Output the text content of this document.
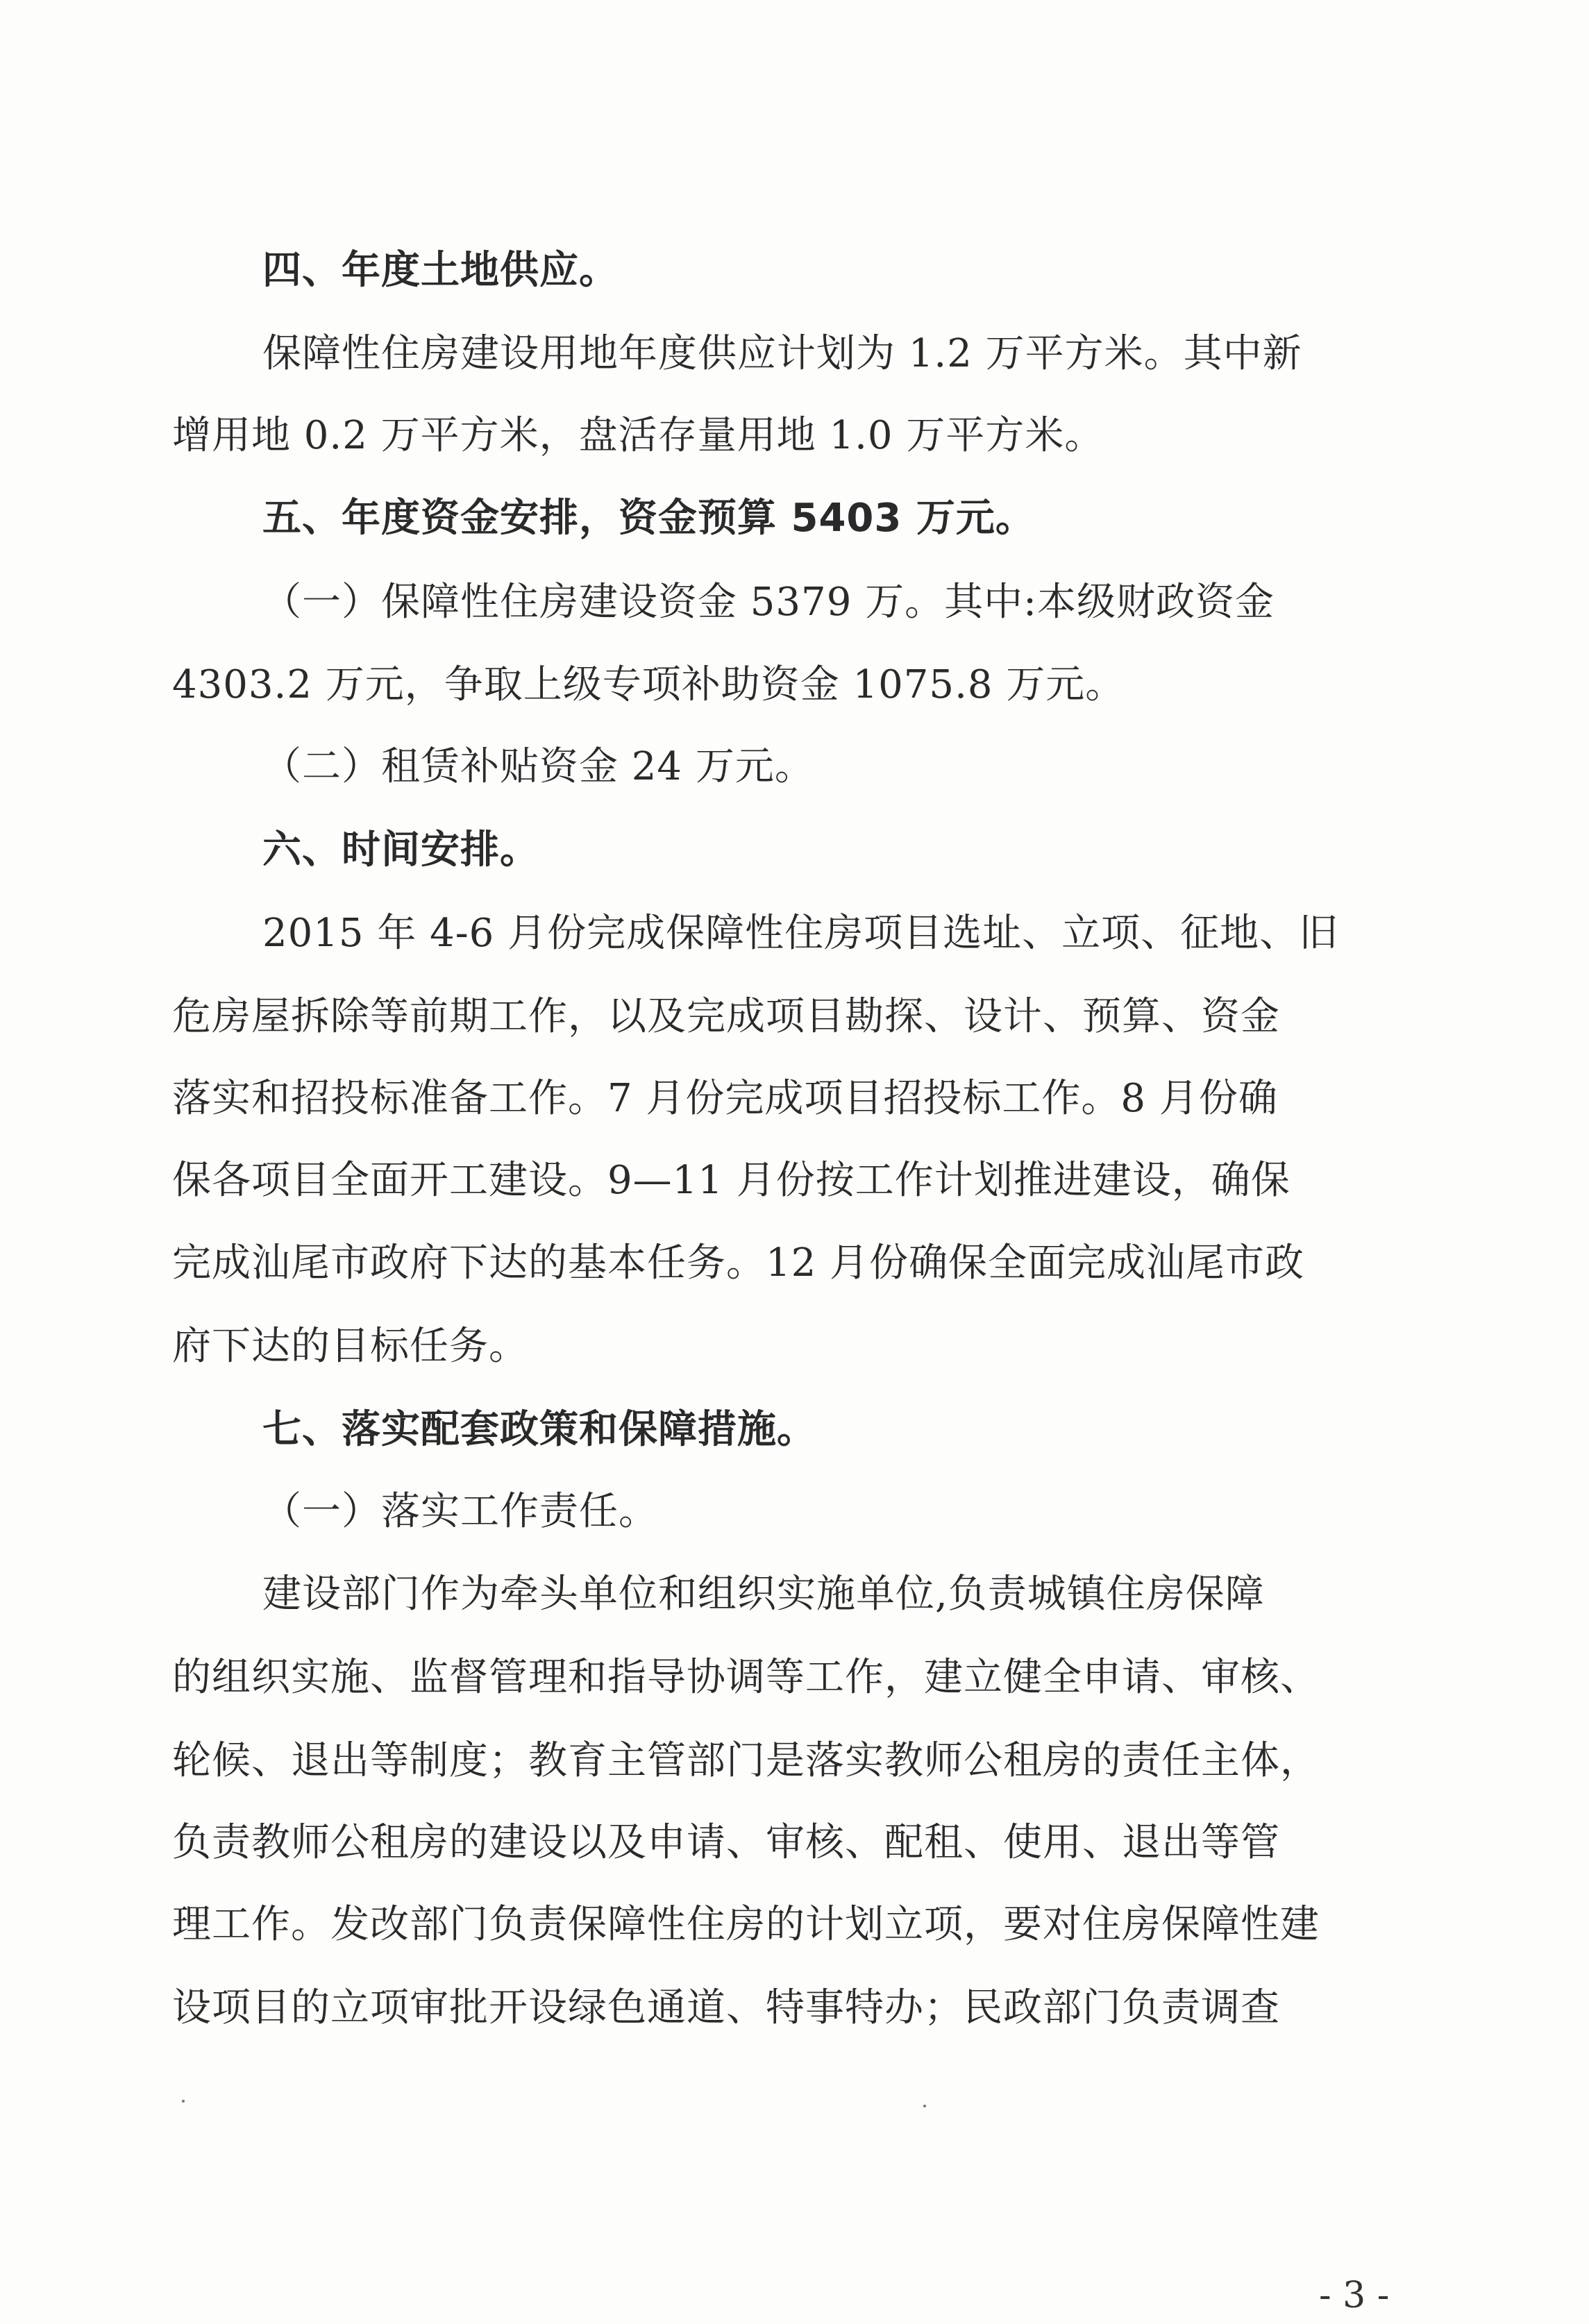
四、年度土地供应。
保障性住房建设用地年度供应计划为 1.2 万平方米。其中新
增用地 0.2 万平方米，盘活存量用地 1.0 万平方米。
五、年度资金安排，资金预算 5403 万元。
（一）保障性住房建设资金 5379 万。其中:本级财政资金
4303.2 万元，争取上级专项补助资金 1075.8 万元。
（二）租赁补贴资金 24 万元。
六、时间安排。
2015 年 4-6 月份完成保障性住房项目选址、立项、征地、旧
危房屋拆除等前期工作，以及完成项目勘探、设计、预算、资金
落实和招投标准备工作。7 月份完成项目招投标工作。8 月份确
保各项目全面开工建设。9—11 月份按工作计划推进建设，确保
完成汕尾市政府下达的基本任务。12 月份确保全面完成汕尾市政
府下达的目标任务。
七、落实配套政策和保障措施。
（一）落实工作责任。
建设部门作为牵头单位和组织实施单位,负责城镇住房保障
的组织实施、监督管理和指导协调等工作，建立健全申请、审核、
轮候、退出等制度；教育主管部门是落实教师公租房的责任主体，
负责教师公租房的建设以及申请、审核、配租、使用、退出等管
理工作。发改部门负责保障性住房的计划立项，要对住房保障性建
设项目的立项审批开设绿色通道、特事特办；民政部门负责调查
- 3 -
